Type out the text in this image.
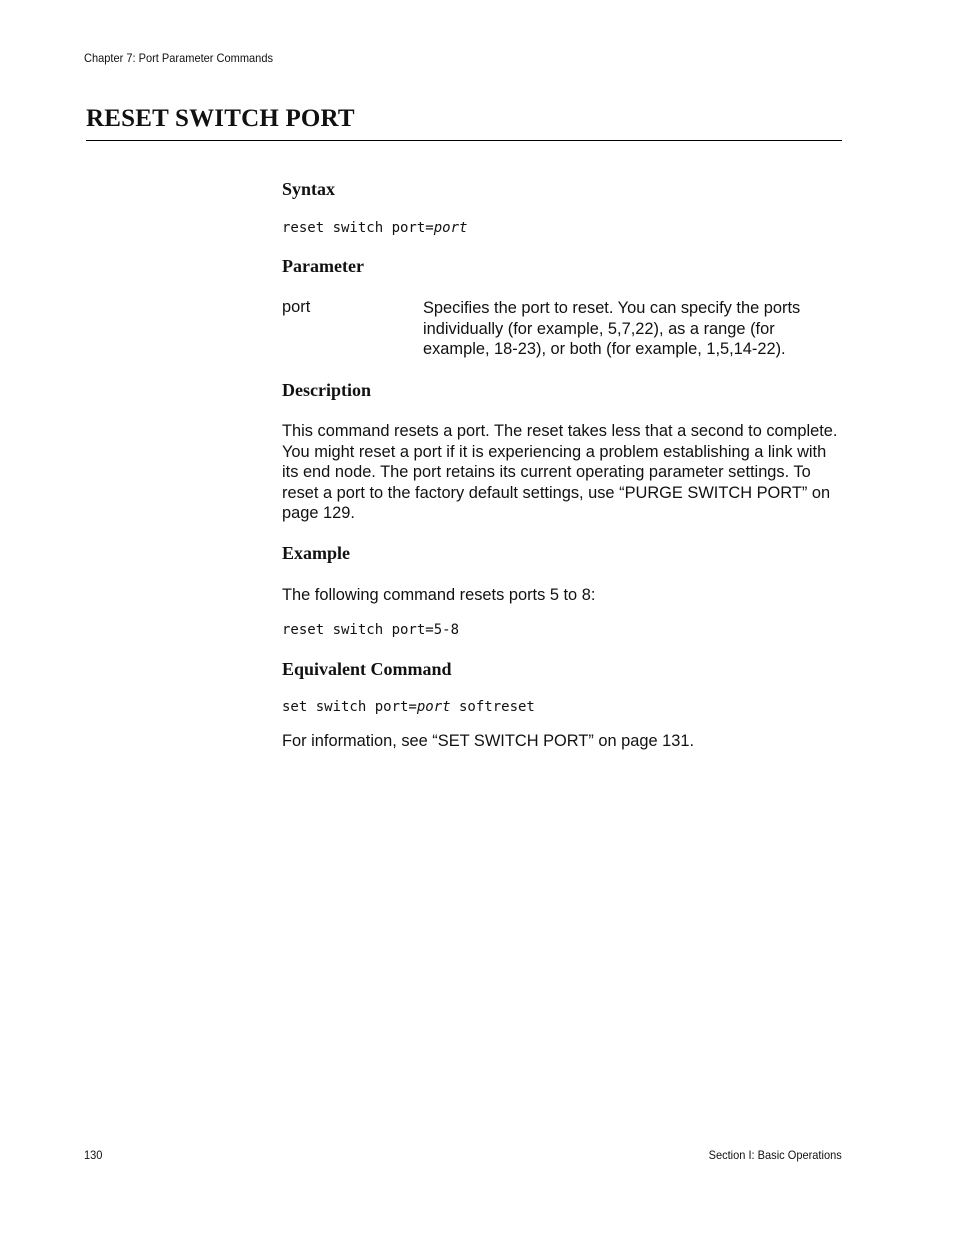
Chapter 7: Port Parameter Commands
RESET SWITCH PORT
Syntax
reset switch port=port
Parameter
port	Specifies the port to reset. You can specify the ports individually (for example, 5,7,22), as a range (for example, 18-23), or both (for example, 1,5,14-22).
Description
This command resets a port. The reset takes less that a second to complete. You might reset a port if it is experiencing a problem establishing a link with its end node. The port retains its current operating parameter settings. To reset a port to the factory default settings, use “PURGE SWITCH PORT” on page 129.
Example
The following command resets ports 5 to 8:
reset switch port=5-8
Equivalent Command
set switch port=port softreset
For information, see “SET SWITCH PORT” on page 131.
130	Section I: Basic Operations
